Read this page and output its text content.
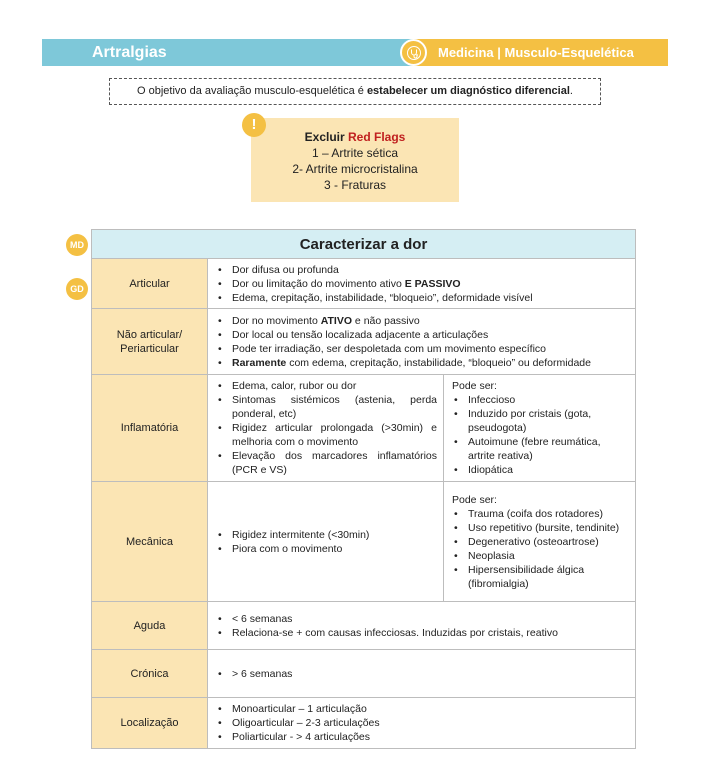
Artralgias	Medicina | Musculo-Esquelética
O objetivo da avaliação musculo-esquelética é estabelecer um diagnóstico diferencial.
Excluir Red Flags
1 – Artrite sética
2- Artrite microcristalina
3 - Fraturas
!
MD
GD
Caracterizar a dor
Articular
• Dor difusa ou profunda
• Dor ou limitação do movimento ativo E PASSIVO
• Edema, crepitação, instabilidade, “bloqueio”, deformidade visível
Não articular/ Periarticular
• Dor no movimento ATIVO e não passivo
• Dor local ou tensão localizada adjacente a articulações
• Pode ter irradiação, ser despoletada com um movimento específico
• Raramente com edema, crepitação, instabilidade, “bloqueio” ou deformidade
Inflamatória
• Edema, calor, rubor ou dor
• Sintomas sistémicos (astenia, perda ponderal, etc)
• Rigidez articular prolongada (>30min) e melhoria com o movimento
• Elevação dos marcadores inflamatórios (PCR e VS)
Pode ser:
• Infeccioso
• Induzido por cristais (gota, pseudogota)
• Autoimune (febre reumática, artrite reativa)
• Idiopática
Mecânica
• Rigidez intermitente (<30min)
• Piora com o movimento
Pode ser:
• Trauma (coifa dos rotadores)
• Uso repetitivo (bursite, tendinite)
• Degenerativo (osteoartrose)
• Neoplasia
• Hipersensibilidade álgica (fibromialgia)
Aguda
• < 6 semanas
• Relaciona-se + com causas infecciosas. Induzidas por cristais, reativo
Crónica
•	> 6 semanas
Localização
• Monoarticular – 1 articulação
• Oligoarticular – 2-3 articulações
• Poliarticular - > 4 articulações
